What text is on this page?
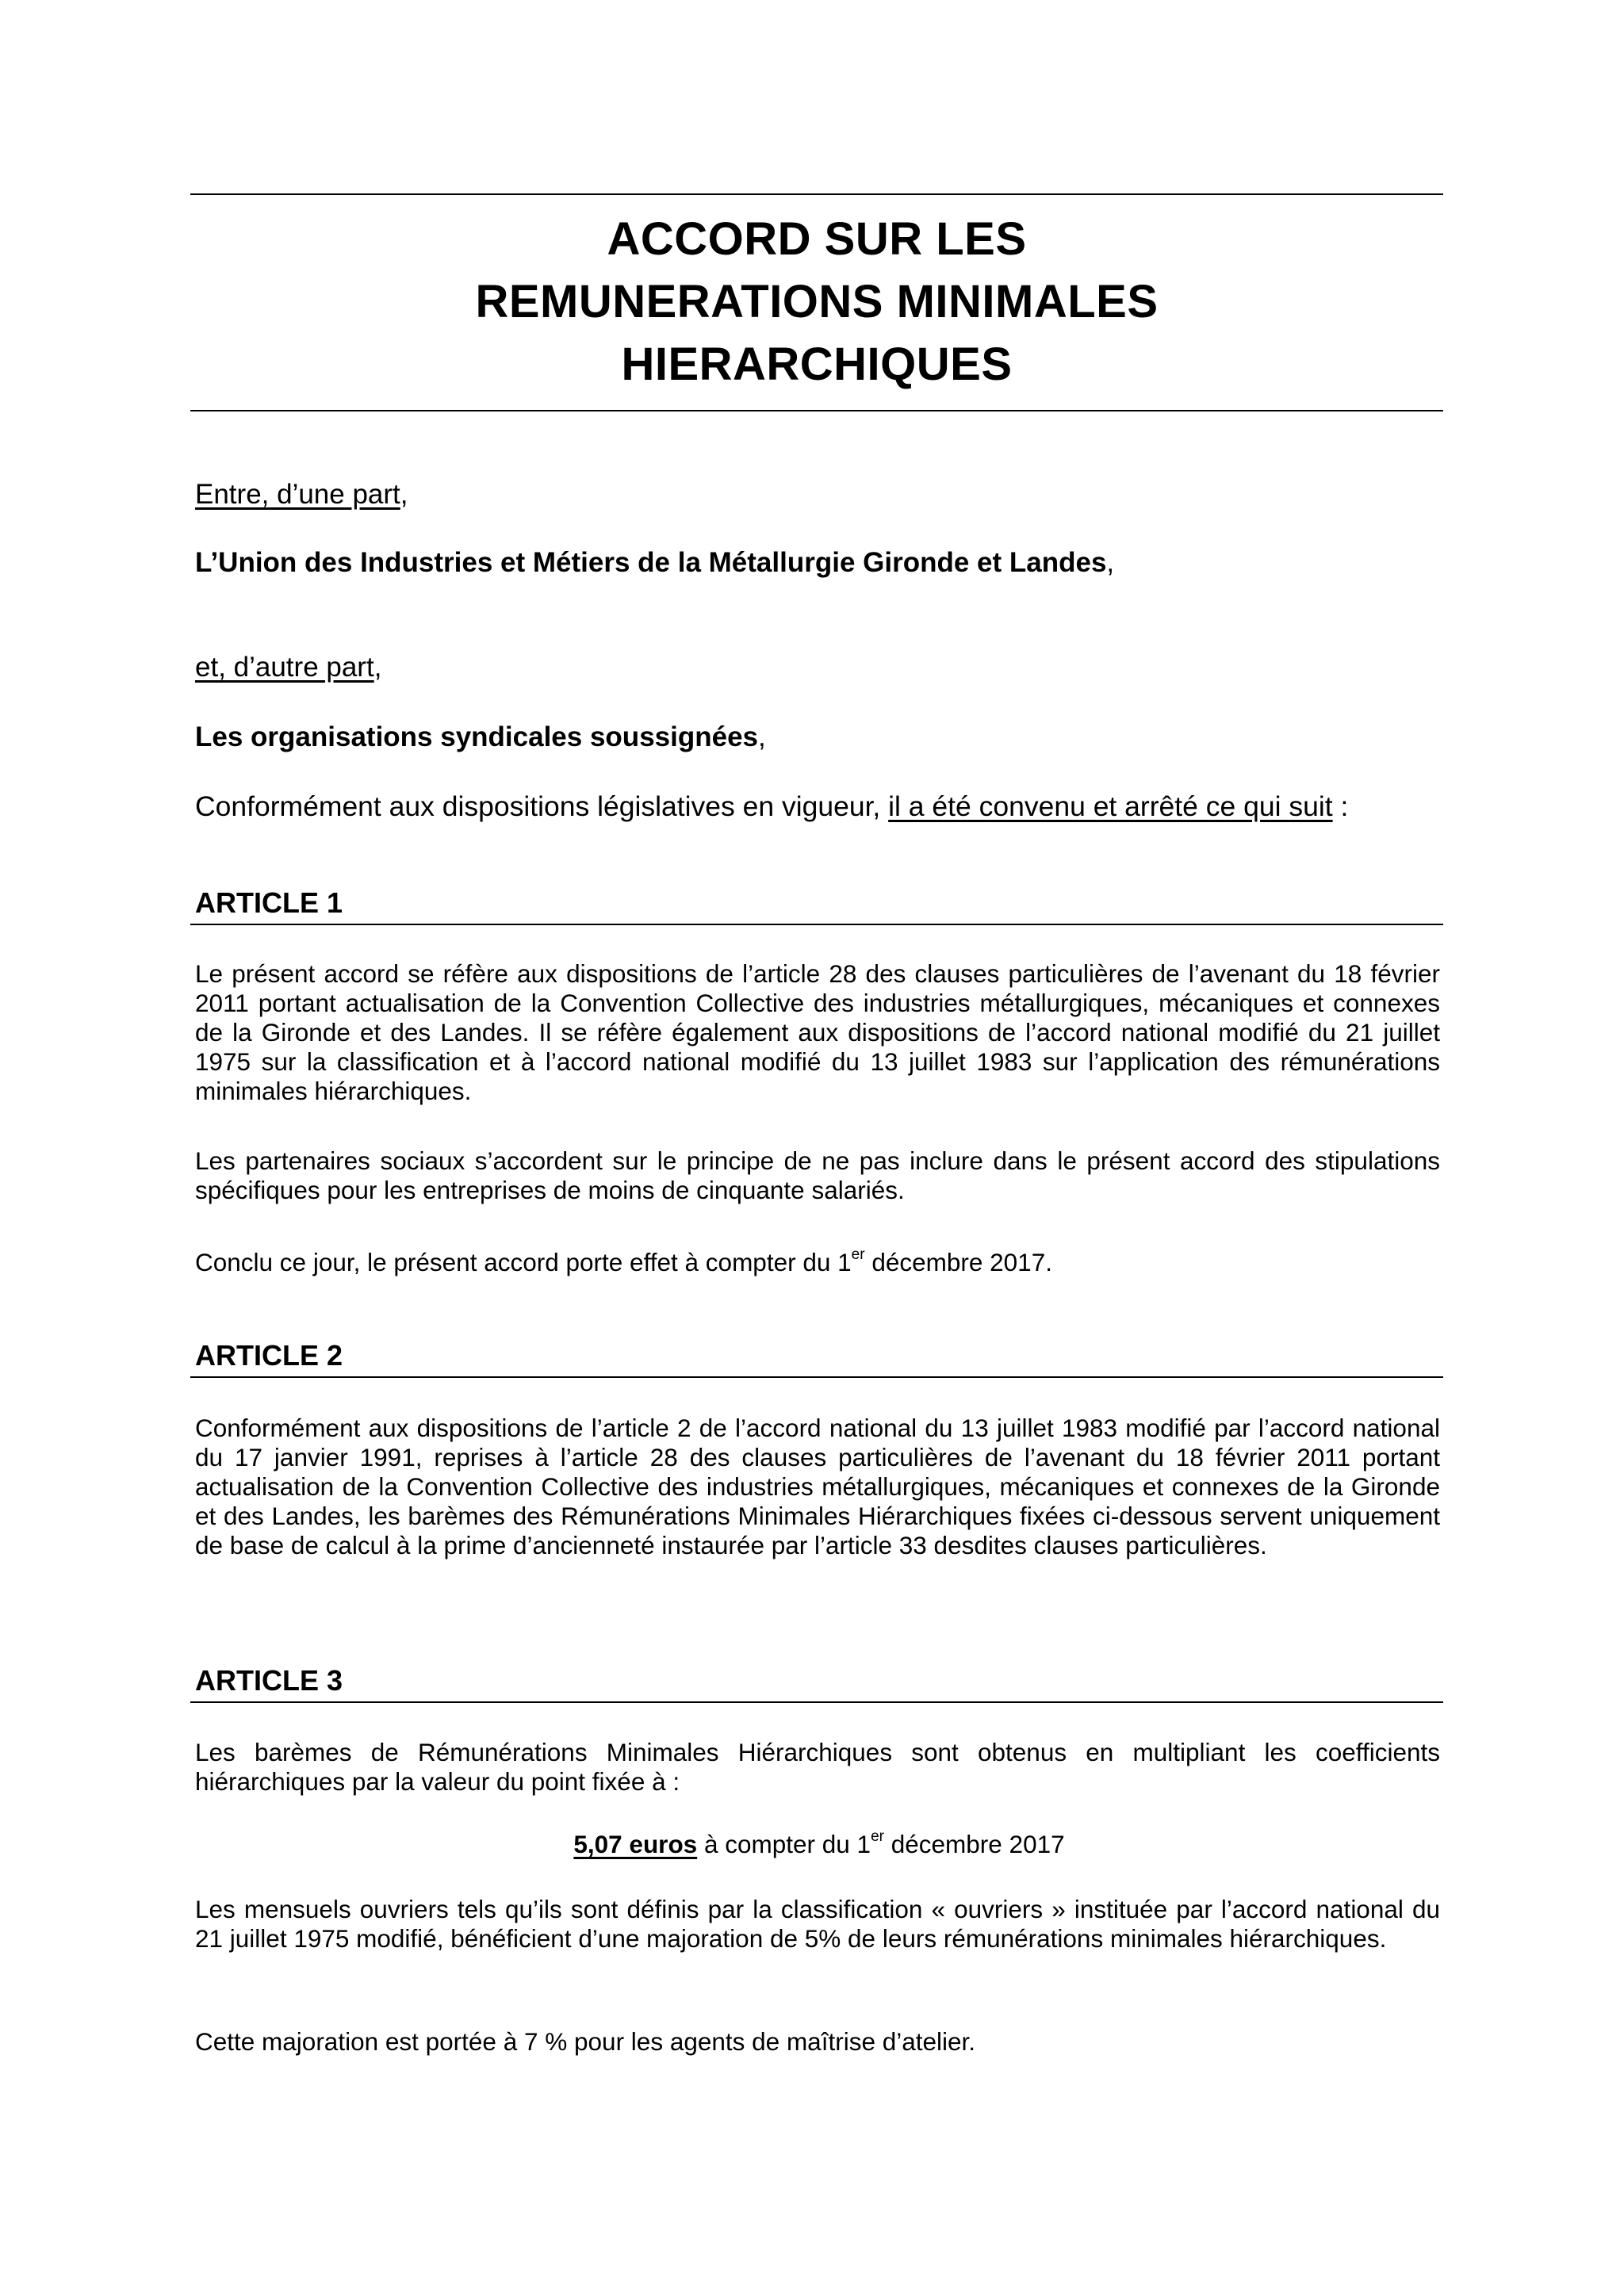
ACCORD SUR LES
REMUNERATIONS MINIMALES
HIERARCHIQUES
Entre, d’une part,
L’Union des Industries et Métiers de la Métallurgie Gironde et Landes,
et, d’autre part,
Les organisations syndicales soussignées,
Conformément aux dispositions législatives en vigueur, il a été convenu et arrêté ce qui suit :
ARTICLE 1
Le présent accord se réfère aux dispositions de l’article 28 des clauses particulières de l’avenant du 18 février 2011 portant actualisation de la Convention Collective des industries métallurgiques, mécaniques et connexes de la Gironde et des Landes. Il se réfère également aux dispositions de l’accord national modifié du 21 juillet 1975 sur la classification et à l’accord national modifié du 13 juillet 1983 sur l’application des rémunérations minimales hiérarchiques.
Les partenaires sociaux s’accordent sur le principe de ne pas inclure dans le présent accord des stipulations spécifiques pour les entreprises de moins de cinquante salariés.
Conclu ce jour, le présent accord porte effet à compter du 1er décembre 2017.
ARTICLE 2
Conformément aux dispositions de l’article 2 de l’accord national du 13 juillet 1983 modifié par l’accord national du 17 janvier 1991, reprises à l’article 28 des clauses particulières de l’avenant du 18 février 2011 portant actualisation de la Convention Collective des industries métallurgiques, mécaniques et connexes de la Gironde et des Landes, les barèmes des Rémunérations Minimales Hiérarchiques fixées ci-dessous servent uniquement de base de calcul à la prime d’ancienneté instaurée par l’article 33 desdites clauses particulières.
ARTICLE 3
Les barèmes de Rémunérations Minimales Hiérarchiques sont obtenus en multipliant les coefficients hiérarchiques par la valeur du point fixée à :
5,07 euros à compter du 1er décembre 2017
Les mensuels ouvriers tels qu’ils sont définis par la classification « ouvriers » instituée par l’accord national du 21 juillet 1975 modifié, bénéficient d’une majoration de 5% de leurs rémunérations minimales hiérarchiques.
Cette majoration est portée à 7 % pour les agents de maîtrise d’atelier.
